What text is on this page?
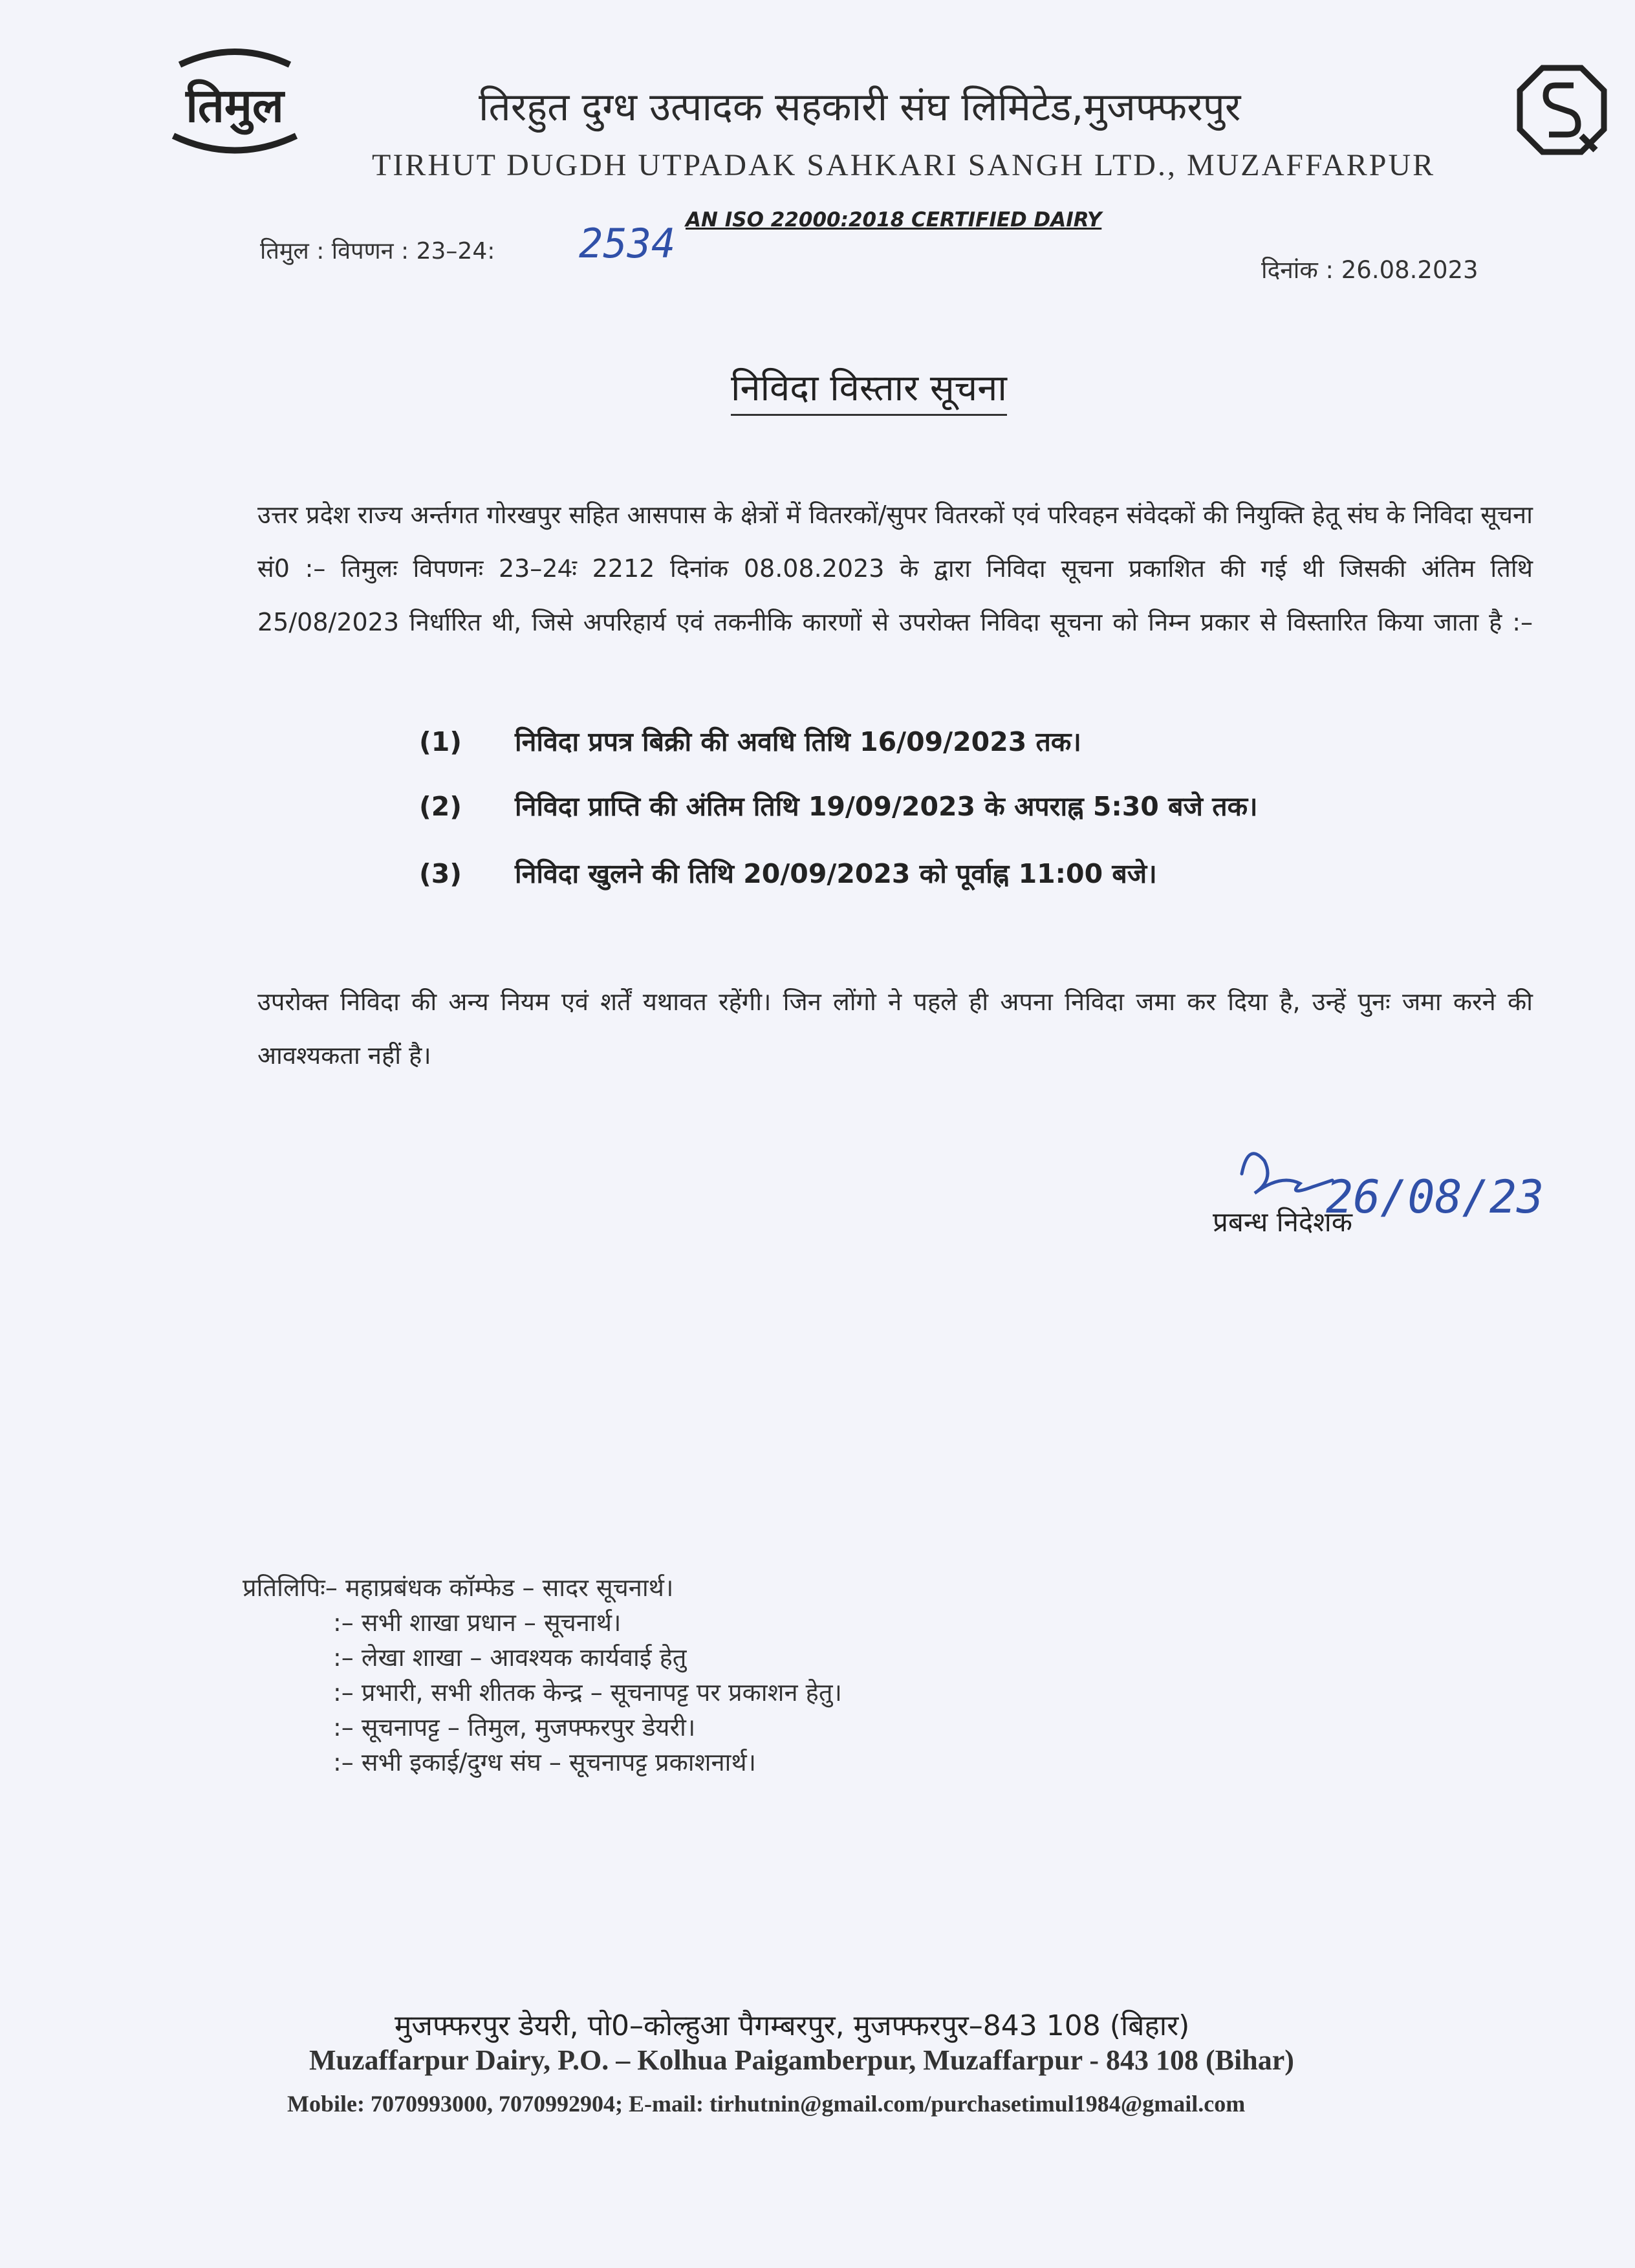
तिमुल	तिरहुत दुग्ध उत्पादक सहकारी संघ लिमिटेड,मुजफ्फरपुर
TIRHUT DUGDH UTPADAK SAHKARI SANGH LTD., MUZAFFARPUR
AN ISO 22000:2018 CERTIFIED DAIRY
तिमुल : विपणन : 23–24: 2534
दिनांक : 26.08.2023
निविदा विस्तार सूचना
उत्तर प्रदेश राज्य अर्न्तगत गोरखपुर सहित आसपास के क्षेत्रों में वितरकों/सुपर वितरकों एवं परिवहन संवेदकों की नियुक्ति हेतू संघ के निविदा सूचना सं0 :– तिमुलः विपणनः 23–24ः 2212 दिनांक 08.08.2023 के द्वारा निविदा सूचना प्रकाशित की गई थी जिसकी अंतिम तिथि 25/08/2023 निर्धारित थी, जिसे अपरिहार्य एवं तकनीकि कारणों से उपरोक्त निविदा सूचना को निम्न प्रकार से विस्तारित किया जाता है :–
(1) निविदा प्रपत्र बिक्री की अवधि तिथि 16/09/2023 तक।
(2) निविदा प्राप्ति की अंतिम तिथि 19/09/2023 के अपराह्न 5:30 बजे तक।
(3) निविदा खुलने की तिथि 20/09/2023 को पूर्वाह्न 11:00 बजे।
उपरोक्त निविदा की अन्य नियम एवं शर्तें यथावत रहेंगी। जिन लोंगो ने पहले ही अपना निविदा जमा कर दिया है, उन्हें पुनः जमा करने की आवश्यकता नहीं है।
26/08/23
प्रबन्ध निदेशक
प्रतिलिपिः– महाप्रबंधक कॉम्फेड – सादर सूचनार्थ।
:– सभी शाखा प्रधान – सूचनार्थ।
:– लेखा शाखा – आवश्यक कार्यवाई हेतु
:– प्रभारी, सभी शीतक केन्द्र – सूचनापट्ट पर प्रकाशन हेतु।
:– सूचनापट्ट – तिमुल, मुजफ्फरपुर डेयरी।
:– सभी इकाई/दुग्ध संघ – सूचनापट्ट प्रकाशनार्थ।
मुजफ्फरपुर डेयरी, पो0–कोल्हुआ पैगम्बरपुर, मुजफ्फरपुर–843 108 (बिहार)
Muzaffarpur Dairy, P.O. – Kolhua Paigamberpur, Muzaffarpur - 843 108 (Bihar)
Mobile: 7070993000, 7070992904; E-mail: tirhutnin@gmail.com/purchasetimul1984@gmail.com
